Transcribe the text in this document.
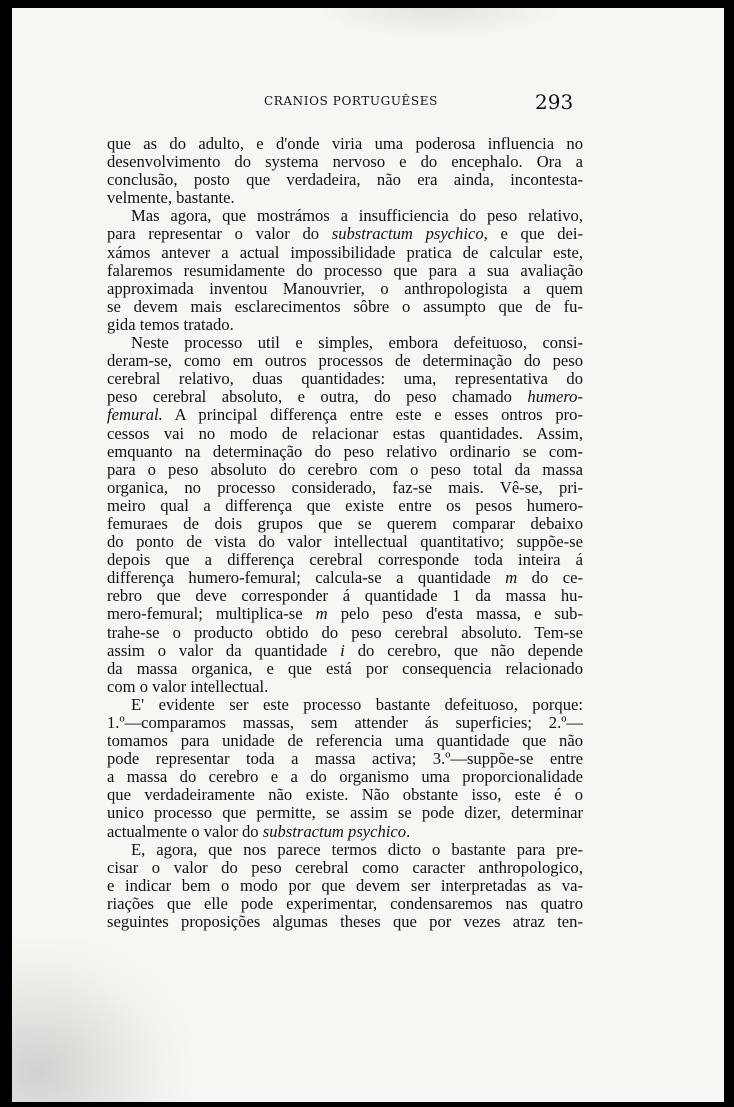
CRANIOS PORTUGUÊSES	293

que as do adulto, e d'onde viria uma poderosa influencia no
desenvolvimento do systema nervoso e do encephalo. Ora a
conclusão, posto que verdadeira, não era ainda, incontesta-
velmente, bastante.

Mas agora, que mostrámos a insufficiencia do peso relativo,
para representar o valor do substractum psychico, e que dei-
xámos antever a actual impossibilidade pratica de calcular este,
falaremos resumidamente do processo que para a sua avaliação
approximada inventou Manouvrier, o anthropologista a quem
se devem mais esclarecimentos sôbre o assumpto que de fu-
gida temos tratado.

Neste processo util e simples, embora defeituoso, consi-
deram-se, como em outros processos de determinação do peso
cerebral relativo, duas quantidades: uma, representativa do
peso cerebral absoluto, e outra, do peso chamado humero-
femural. A principal differença entre este e esses ontros pro-
cessos vai no modo de relacionar estas quantidades. Assim,
emquanto na determinação do peso relativo ordinario se com-
para o peso absoluto do cerebro com o peso total da massa
organica, no processo considerado, faz-se mais. Vê-se, pri-
meiro qual a differença que existe entre os pesos humero-
femuraes de dois grupos que se querem comparar debaixo
do ponto de vista do valor intellectual quantitativo; suppõe-se
depois que a differença cerebral corresponde toda inteira á
differença humero-femural; calcula-se a quantidade m do ce-
rebro que deve corresponder á quantidade 1 da massa hu-
mero-femural; multiplica-se m pelo peso d'esta massa, e sub-
trahe-se o producto obtido do peso cerebral absoluto. Tem-se
assim o valor da quantidade i do cerebro, que não depende
da massa organica, e que está por consequencia relacionado
com o valor intellectual.

E' evidente ser este processo bastante defeituoso, porque:
1.º—comparamos massas, sem attender ás superficies; 2.º—
tomamos para unidade de referencia uma quantidade que não
pode representar toda a massa activa; 3.º—suppõe-se entre
a massa do cerebro e a do organismo uma proporcionalidade
que verdadeiramente não existe. Não obstante isso, este é o
unico processo que permitte, se assim se pode dizer, determinar
actualmente o valor do substractum psychico.

E, agora, que nos parece termos dicto o bastante para pre-
cisar o valor do peso cerebral como caracter anthropologico,
e indicar bem o modo por que devem ser interpretadas as va-
riações que elle pode experimentar, condensaremos nas quatro
seguintes proposições algumas theses que por vezes atraz ten-
